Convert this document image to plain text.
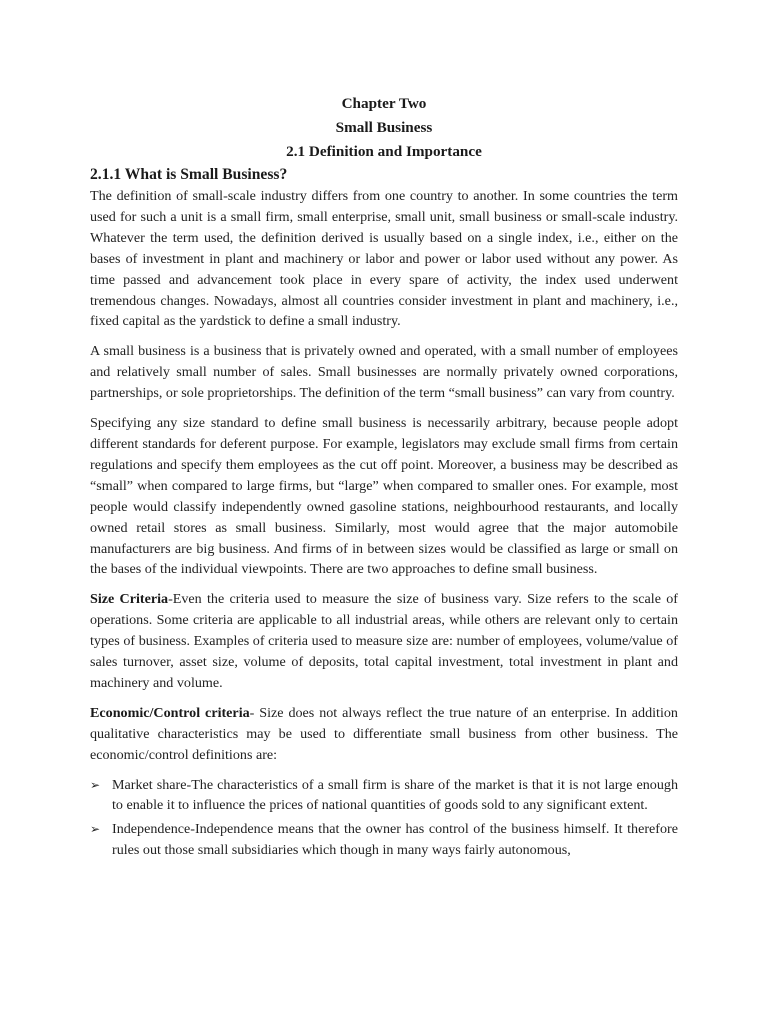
Chapter Two
Small Business
2.1 Definition and Importance
2.1.1 What is Small Business?

The definition of small-scale industry differs from one country to another. In some countries the term used for such a unit is a small firm, small enterprise, small unit, small business or small-scale industry. Whatever the term used, the definition derived is usually based on a single index, i.e., either on the bases of investment in plant and machinery or labor and power or labor used without any power. As time passed and advancement took place in every spare of activity, the index used underwent tremendous changes. Nowadays, almost all countries consider investment in plant and machinery, i.e., fixed capital as the yardstick to define a small industry.

A small business is a business that is privately owned and operated, with a small number of employees and relatively small number of sales. Small businesses are normally privately owned corporations, partnerships, or sole proprietorships. The definition of the term “small business” can vary from country.

Specifying any size standard to define small business is necessarily arbitrary, because people adopt different standards for deferent purpose. For example, legislators may exclude small firms from certain regulations and specify them employees as the cut off point. Moreover, a business may be described as “small” when compared to large firms, but “large” when compared to smaller ones. For example, most people would classify independently owned gasoline stations, neighbourhood restaurants, and locally owned retail stores as small business. Similarly, most would agree that the major automobile manufacturers are big business. And firms of in between sizes would be classified as large or small on the bases of the individual viewpoints. There are two approaches to define small business.

Size Criteria-Even the criteria used to measure the size of business vary. Size refers to the scale of operations. Some criteria are applicable to all industrial areas, while others are relevant only to certain types of business. Examples of criteria used to measure size are: number of employees, volume/value of sales turnover, asset size, volume of deposits, total capital investment, total investment in plant and machinery and volume.

Economic/Control criteria- Size does not always reflect the true nature of an enterprise. In addition qualitative characteristics may be used to differentiate small business from other business. The economic/control definitions are:

➢ Market share-The characteristics of a small firm is share of the market is that it is not large enough to enable it to influence the prices of national quantities of goods sold to any significant extent.
➢ Independence-Independence means that the owner has control of the business himself. It therefore rules out those small subsidiaries which though in many ways fairly autonomous,
